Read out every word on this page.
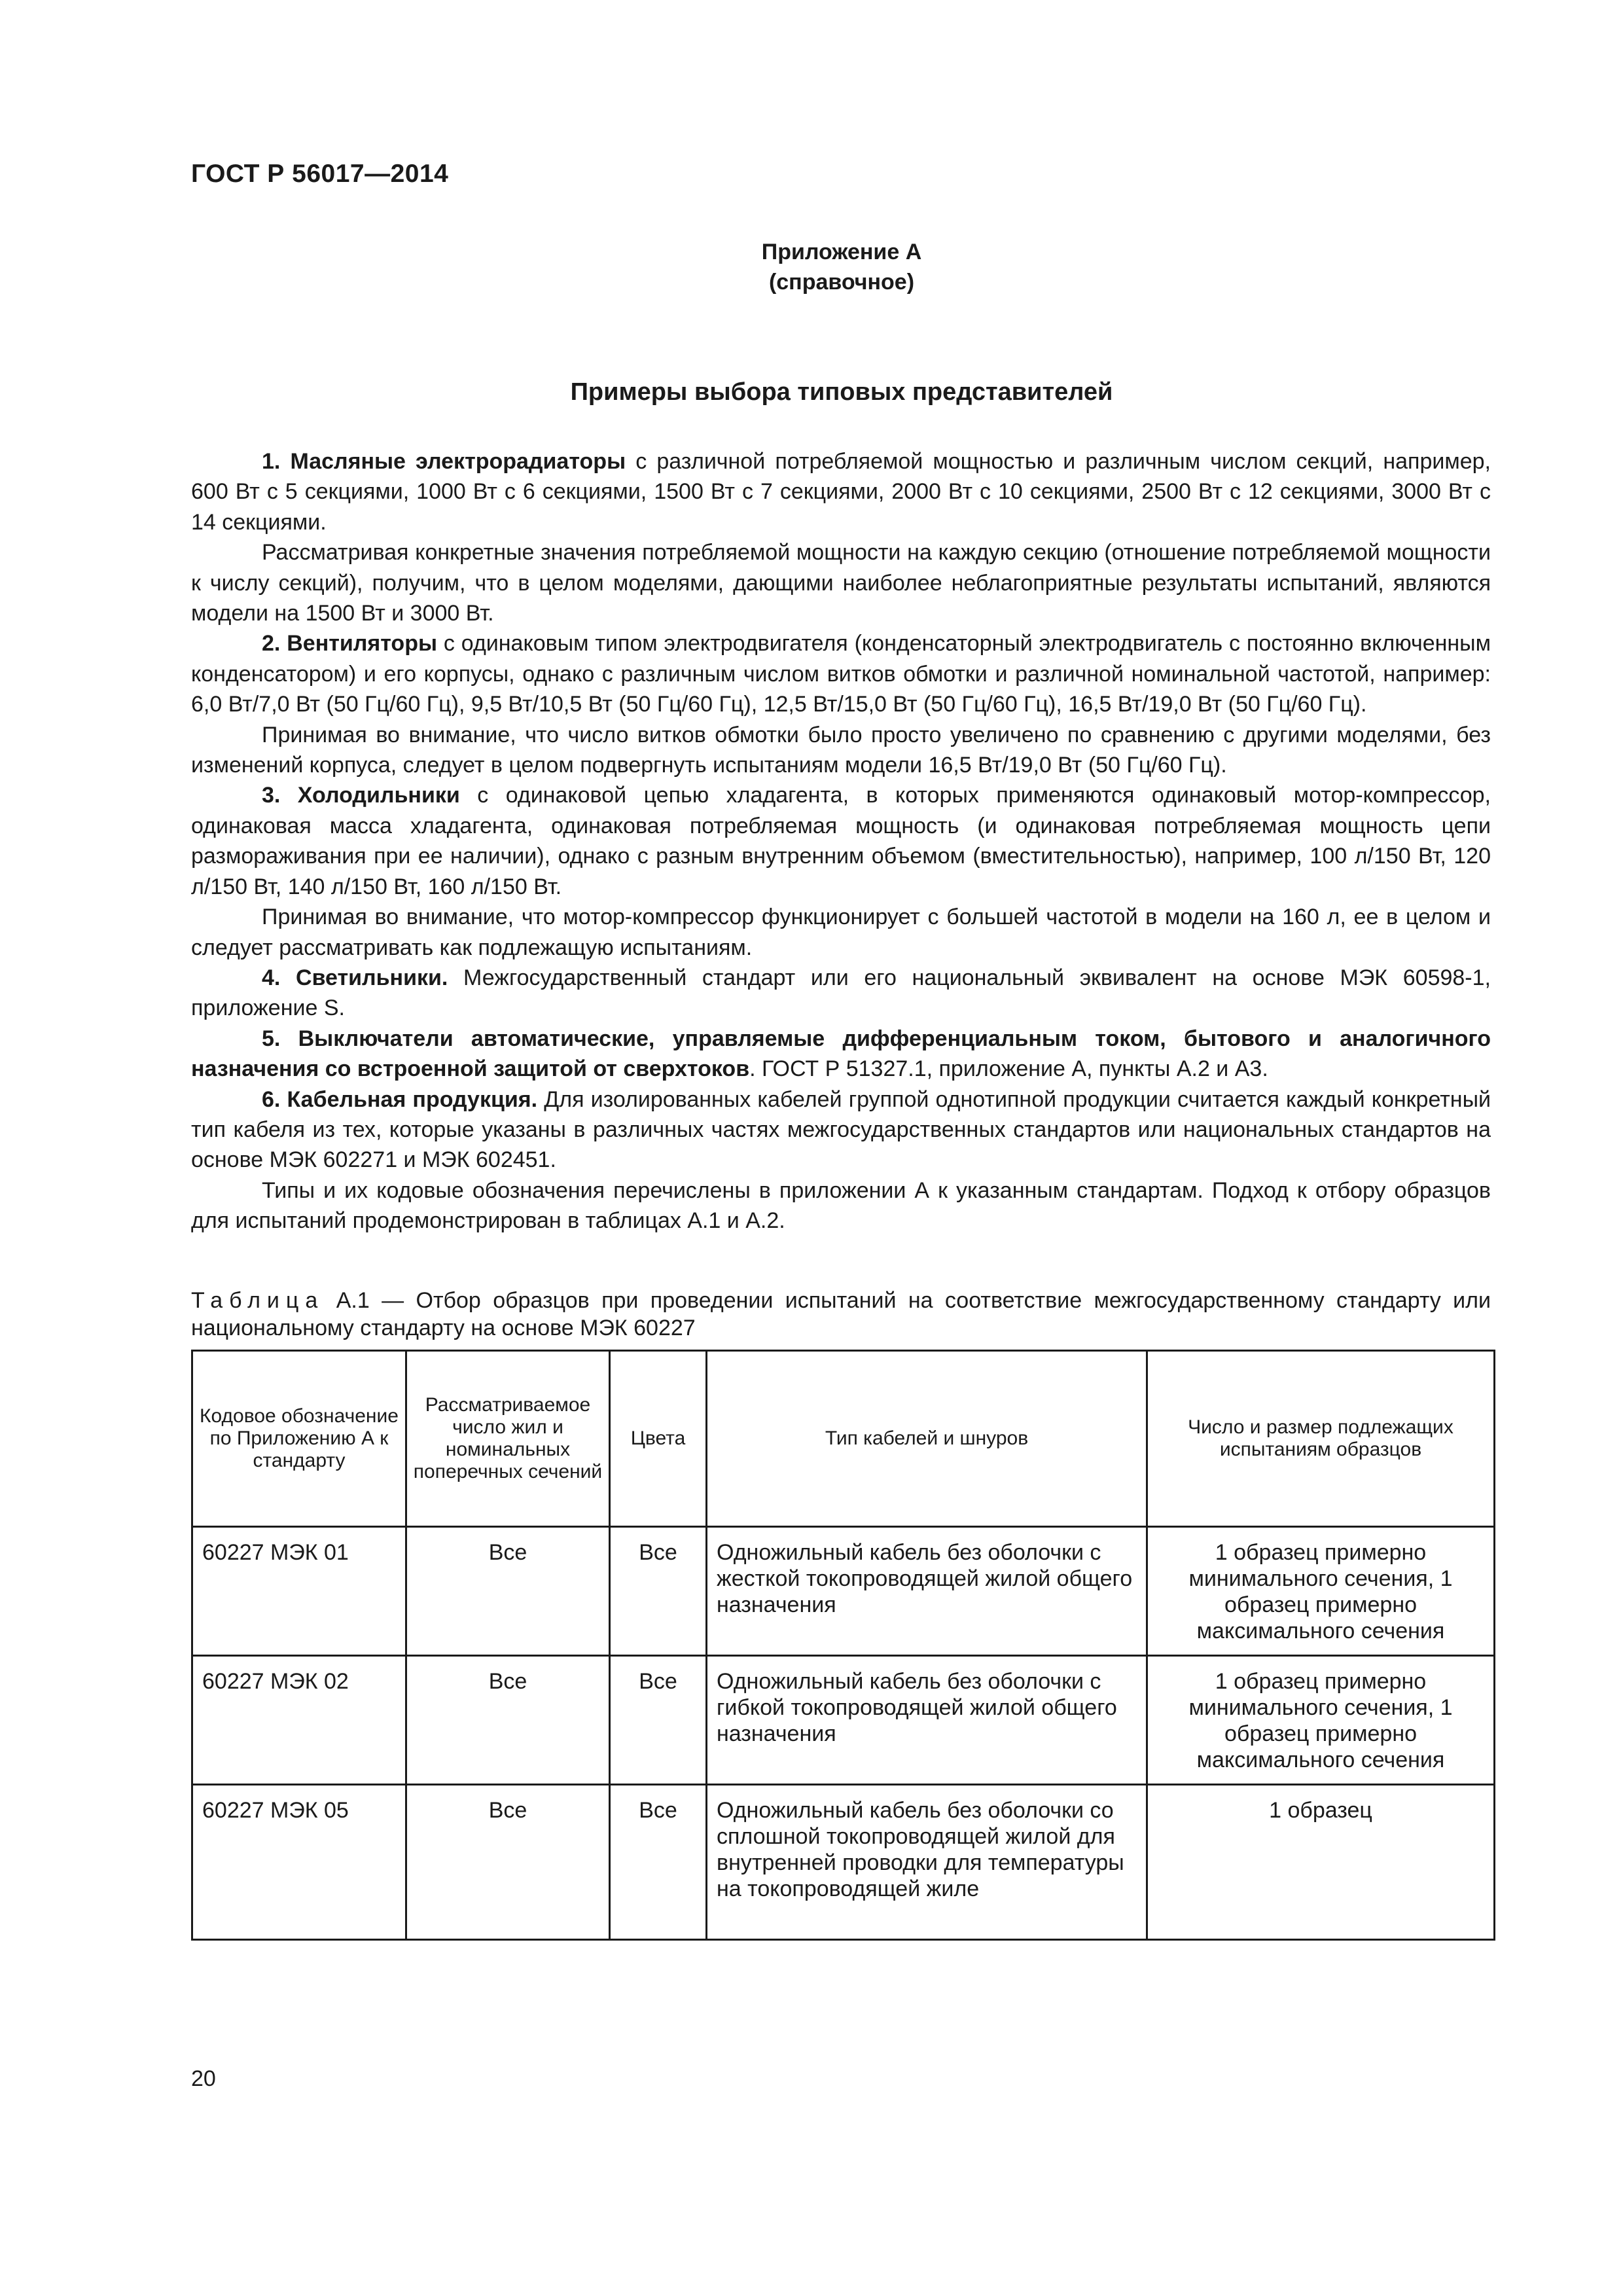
ГОСТ Р 56017—2014
Приложение А
(справочное)
Примеры выбора типовых представителей

1. Масляные электрорадиаторы с различной потребляемой мощностью и различным числом секций, например, 600 Вт с 5 секциями, 1000 Вт с 6 секциями, 1500 Вт с 7 секциями, 2000 Вт с 10 секциями, 2500 Вт с 12 секциями, 3000 Вт с 14 секциями.

Рассматривая конкретные значения потребляемой мощности на каждую секцию (отношение потребляемой мощности к числу секций), получим, что в целом моделями, дающими наиболее неблагоприятные результаты испытаний, являются модели на 1500 Вт и 3000 Вт.

2. Вентиляторы с одинаковым типом электродвигателя (конденсаторный электродвигатель с постоянно включенным конденсатором) и его корпусы, однако с различным числом витков обмотки и различной номинальной частотой, например: 6,0 Вт/7,0 Вт (50 Гц/60 Гц), 9,5 Вт/10,5 Вт (50 Гц/60 Гц), 12,5 Вт/15,0 Вт (50 Гц/60 Гц), 16,5 Вт/19,0 Вт (50 Гц/60 Гц).

Принимая во внимание, что число витков обмотки было просто увеличено по сравнению с другими моделями, без изменений корпуса, следует в целом подвергнуть испытаниям модели 16,5 Вт/19,0 Вт (50 Гц/60 Гц).

3. Холодильники с одинаковой цепью хладагента, в которых применяются одинаковый мотор-компрессор, одинаковая масса хладагента, одинаковая потребляемая мощность (и одинаковая потребляемая мощность цепи размораживания при ее наличии), однако с разным внутренним объемом (вместительностью), например, 100 л/150 Вт, 120 л/150 Вт, 140 л/150 Вт, 160 л/150 Вт.

Принимая во внимание, что мотор-компрессор функционирует с большей частотой в модели на 160 л, ее в целом и следует рассматривать как подлежащую испытаниям.

4. Светильники. Межгосударственный стандарт или его национальный эквивалент на основе МЭК 60598-1, приложение S.

5. Выключатели автоматические, управляемые дифференциальным током, бытового и аналогичного назначения со встроенной защитой от сверхтоков. ГОСТ Р 51327.1, приложение А, пункты А.2 и А3.

6. Кабельная продукция. Для изолированных кабелей группой однотипной продукции считается каждый конкретный тип кабеля из тех, которые указаны в различных частях межгосударственных стандартов или национальных стандартов на основе МЭК 602271 и МЭК 602451.

Типы и их кодовые обозначения перечислены в приложении А к указанным стандартам. Подход к отбору образцов для испытаний продемонстрирован в таблицах А.1 и А.2.

Таблица А.1 — Отбор образцов при проведении испытаний на соответствие межгосударственному стандарту или национальному стандарту на основе МЭК 60227
Кодовое обозначение по Приложению А к стандарту	Рассматриваемое число жил и номинальных поперечных сечений	Цвета	Тип кабелей и шнуров	Число и размер подлежащих испытаниям образцов
60227 МЭК 01	Все	Все	Одножильный кабель без оболочки с жесткой токопроводящей жилой общего назначения	1 образец примерно минимального сечения, 1 образец примерно максимального сечения
60227 МЭК 02	Все	Все	Одножильный кабель без оболочки с гибкой токопроводящей жилой общего назначения	1 образец примерно минимального сечения, 1 образец примерно максимального сечения
60227 МЭК 05	Все	Все	Одножильный кабель без оболочки со сплошной токопроводящей жилой для внутренней проводки для температуры на токопроводящей жиле	1 образец
20
